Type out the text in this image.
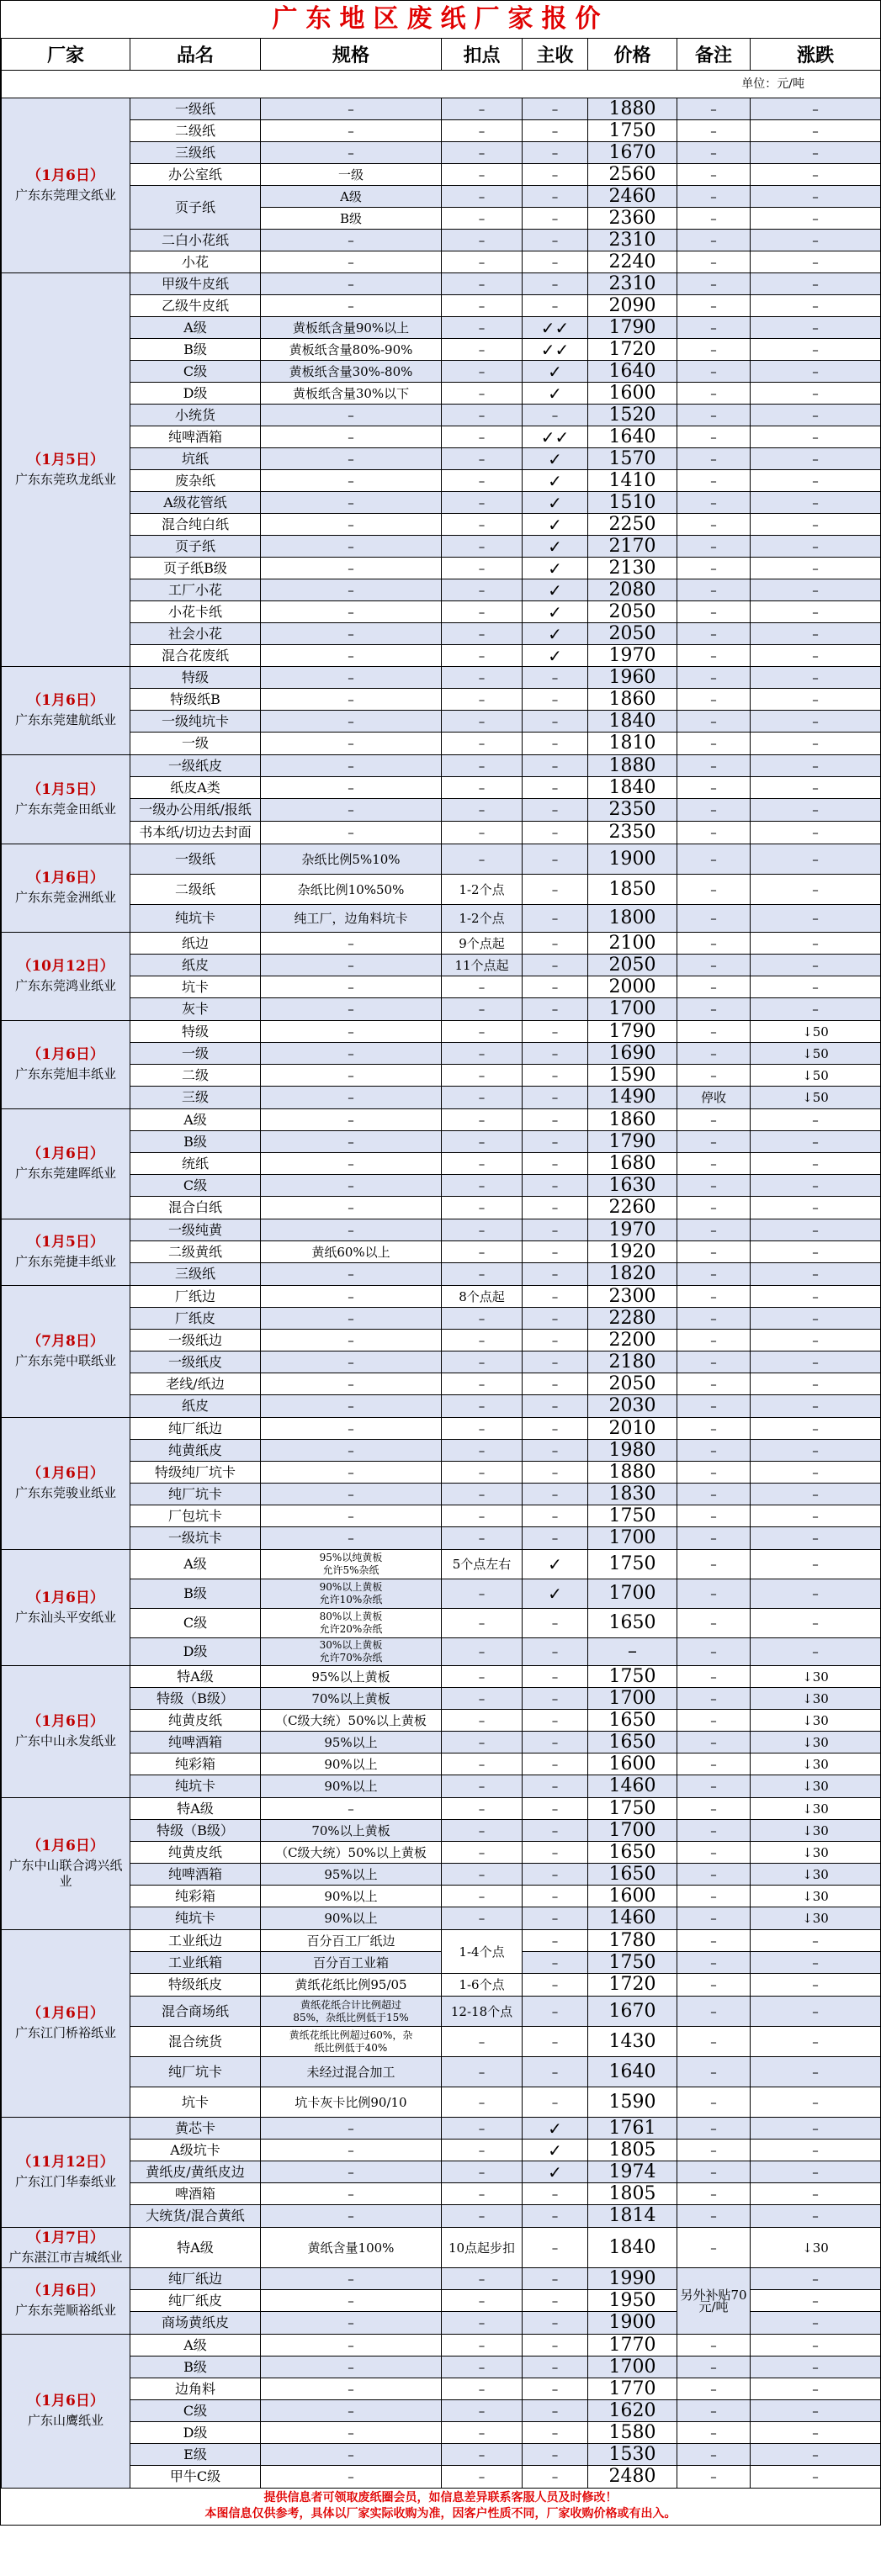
广东地区废纸厂家报价
厂家	品名	规格	扣点	主收	价格	备注	涨跌
单位：元/吨							

（1月6日）
广东东莞理文纸业	一级纸	–	–	–	1880	–	–
	二级纸	–	–	–	1750	–	–
	三级纸	–	–	–	1670	–	–
	办公室纸	一级	–	–	2560	–	–
	页子纸	A级	–	–	2460	–	–
		B级	–	–	2360	–	–
	二白小花纸	–	–	–	2310	–	–
	小花	–	–	–	2240	–	–

（1月5日）
广东东莞玖龙纸业	甲级牛皮纸	–	–	–	2310	–	–
	乙级牛皮纸	–	–	–	2090	–	–
	A级	黄板纸含量90%以上	–	✓✓	1790	–	–
	B级	黄板纸含量80%-90%	–	✓✓	1720	–	–
	C级	黄板纸含量30%-80%	–	✓	1640	–	–
	D级	黄板纸含量30%以下	–	✓	1600	–	–
	小统货	–	–	–	1520	–	–
	纯啤酒箱	–	–	✓✓	1640	–	–
	坑纸	–	–	✓	1570	–	–
	废杂纸	–	–	✓	1410	–	–
	A级花管纸	–	–	✓	1510	–	–
	混合纯白纸	–	–	✓	2250	–	–
	页子纸	–	–	✓	2170	–	–
	页子纸B级	–	–	✓	2130	–	–
	工厂小花	–	–	✓	2080	–	–
	小花卡纸	–	–	✓	2050	–	–
	社会小花	–	–	✓	2050	–	–
	混合花废纸	–	–	✓	1970	–	–

（1月6日）
广东东莞建航纸业	特级	–	–	–	1960	–	–
	特级纸B	–	–	–	1860	–	–
	一级纯坑卡	–	–	–	1840	–	–
	一级	–	–	–	1810	–	–

（1月5日）
广东东莞金田纸业	一级纸皮	–	–	–	1880	–	–
	纸皮A类	–	–	–	1840	–	–
	一级办公用纸/报纸	–	–	–	2350	–	–
	书本纸/切边去封面	–	–	–	2350	–	–

（1月6日）
广东东莞金洲纸业	一级纸	杂纸比例5%10%	–	–	1900	–	–
	二级纸	杂纸比例10%50%	1-2个点	–	1850	–	–
	纯坑卡	纯工厂，边角料坑卡	1-2个点	–	1800	–	–

（10月12日）
广东东莞鸿业纸业	纸边	–	9个点起	–	2100	–	–
	纸皮	–	11个点起	–	2050	–	–
	坑卡	–	–	–	2000	–	–
	灰卡	–	–	–	1700	–	–

（1月6日）
广东东莞旭丰纸业	特级	–	–	–	1790	–	↓50
	一级	–	–	–	1690	–	↓50
	二级	–	–	–	1590	–	↓50
	三级	–	–	–	1490	停收	↓50

（1月6日）
广东东莞建晖纸业	A级	–	–	–	1860	–	–
	B级	–	–	–	1790	–	–
	统纸	–	–	–	1680	–	–
	C级	–	–	–	1630	–	–
	混合白纸	–	–	–	2260	–	–

（1月5日）
广东东莞捷丰纸业	一级纯黄	–	–	–	1970	–	–
	二级黄纸	黄纸60%以上	–	–	1920	–	–
	三级纸	–	–	–	1820	–	–

（7月8日）
广东东莞中联纸业	厂纸边	–	8个点起	–	2300	–	–
	厂纸皮	–	–	–	2280	–	–
	一级纸边	–	–	–	2200	–	–
	一级纸皮	–	–	–	2180	–	–
	老线/纸边	–	–	–	2050	–	–
	纸皮	–	–	–	2030	–	–

（1月6日）
广东东莞骏业纸业	纯厂纸边	–	–	–	2010	–	–
	纯黄纸皮	–	–	–	1980	–	–
	特级纯厂坑卡	–	–	–	1880	–	–
	纯厂坑卡	–	–	–	1830	–	–
	厂包坑卡	–	–	–	1750	–	–
	一级坑卡	–	–	–	1700	–	–

（1月6日）
广东汕头平安纸业	A级	95%以纯黄板
允许5%杂纸	5个点左右	✓	1750	–	–
	B级	90%以上黄板
允许10%杂纸	–	✓	1700	–	–
	C级	80%以上黄板
允许20%杂纸	–	–	1650	–	–
	D级	30%以上黄板
允许70%杂纸	–	–	–	–	–

（1月6日）
广东中山永发纸业	特A级	95%以上黄板	–	–	1750	–	↓30
	特级（B级）	70%以上黄板	–	–	1700	–	↓30
	纯黄皮纸	（C级大统）50%以上黄板	–	–	1650	–	↓30
	纯啤酒箱	95%以上	–	–	1650	–	↓30
	纯彩箱	90%以上	–	–	1600	–	↓30
	纯坑卡	90%以上	–	–	1460	–	↓30

（1月6日）
广东中山联合鸿兴纸业	特A级	–	–	–	1750	–	↓30
	特级（B级）	70%以上黄板	–	–	1700	–	↓30
	纯黄皮纸	（C级大统）50%以上黄板	–	–	1650	–	↓30
	纯啤酒箱	95%以上	–	–	1650	–	↓30
	纯彩箱	90%以上	–	–	1600	–	↓30
	纯坑卡	90%以上	–	–	1460	–	↓30

（1月6日）
广东江门桥裕纸业	工业纸边	百分百工厂纸边	1-4个点	–	1780	–	–
	工业纸箱	百分百工业箱		–	1750	–	–
	特级纸皮	黄纸花纸比例95/05	1-6个点	–	1720	–	–
	混合商场纸	黄纸花纸合计比例超过
85%，杂纸比例低于15%	12-18个点	–	1670	–	–
	混合统货	黄纸花纸比例超过60%，杂
纸比例低于40%	–	–	1430	–	–
	纯厂坑卡	未经过混合加工	–	–	1640	–	–
	坑卡	坑卡灰卡比例90/10	–	–	1590	–	–

（11月12日）
广东江门华泰纸业	黄芯卡	–	–	✓	1761	–	–
	A级坑卡	–	–	✓	1805	–	–
	黄纸皮/黄纸皮边	–	–	✓	1974	–	–
	啤酒箱	–	–	–	1805	–	–
	大统货/混合黄纸	–	–	–	1814	–	–

（1月7日）
广东湛江市吉城纸业	特A级	黄纸含量100%	10点起步扣	–	1840	–	↓30

（1月6日）
广东东莞顺裕纸业	纯厂纸边	–	–	–	1990	另外补贴70元/吨	–
	纯厂纸皮	–	–	–	1950		–
	商场黄纸皮	–	–	–	1900		–

（1月6日）
广东山鹰纸业	A级	–	–	–	1770	–	–
	B级	–	–	–	1700	–	–
	边角料	–	–	–	1770	–	–
	C级	–	–	–	1620	–	–
	D级	–	–	–	1580	–	–
	E级	–	–	–	1530	–	–
	甲牛C级	–	–	–	2480	–	–
提供信息者可领取废纸圈会员，如信息差异联系客服人员及时修改！
本图信息仅供参考，具体以厂家实际收购为准，因客户性质不同，厂家收购价格或有出入。
